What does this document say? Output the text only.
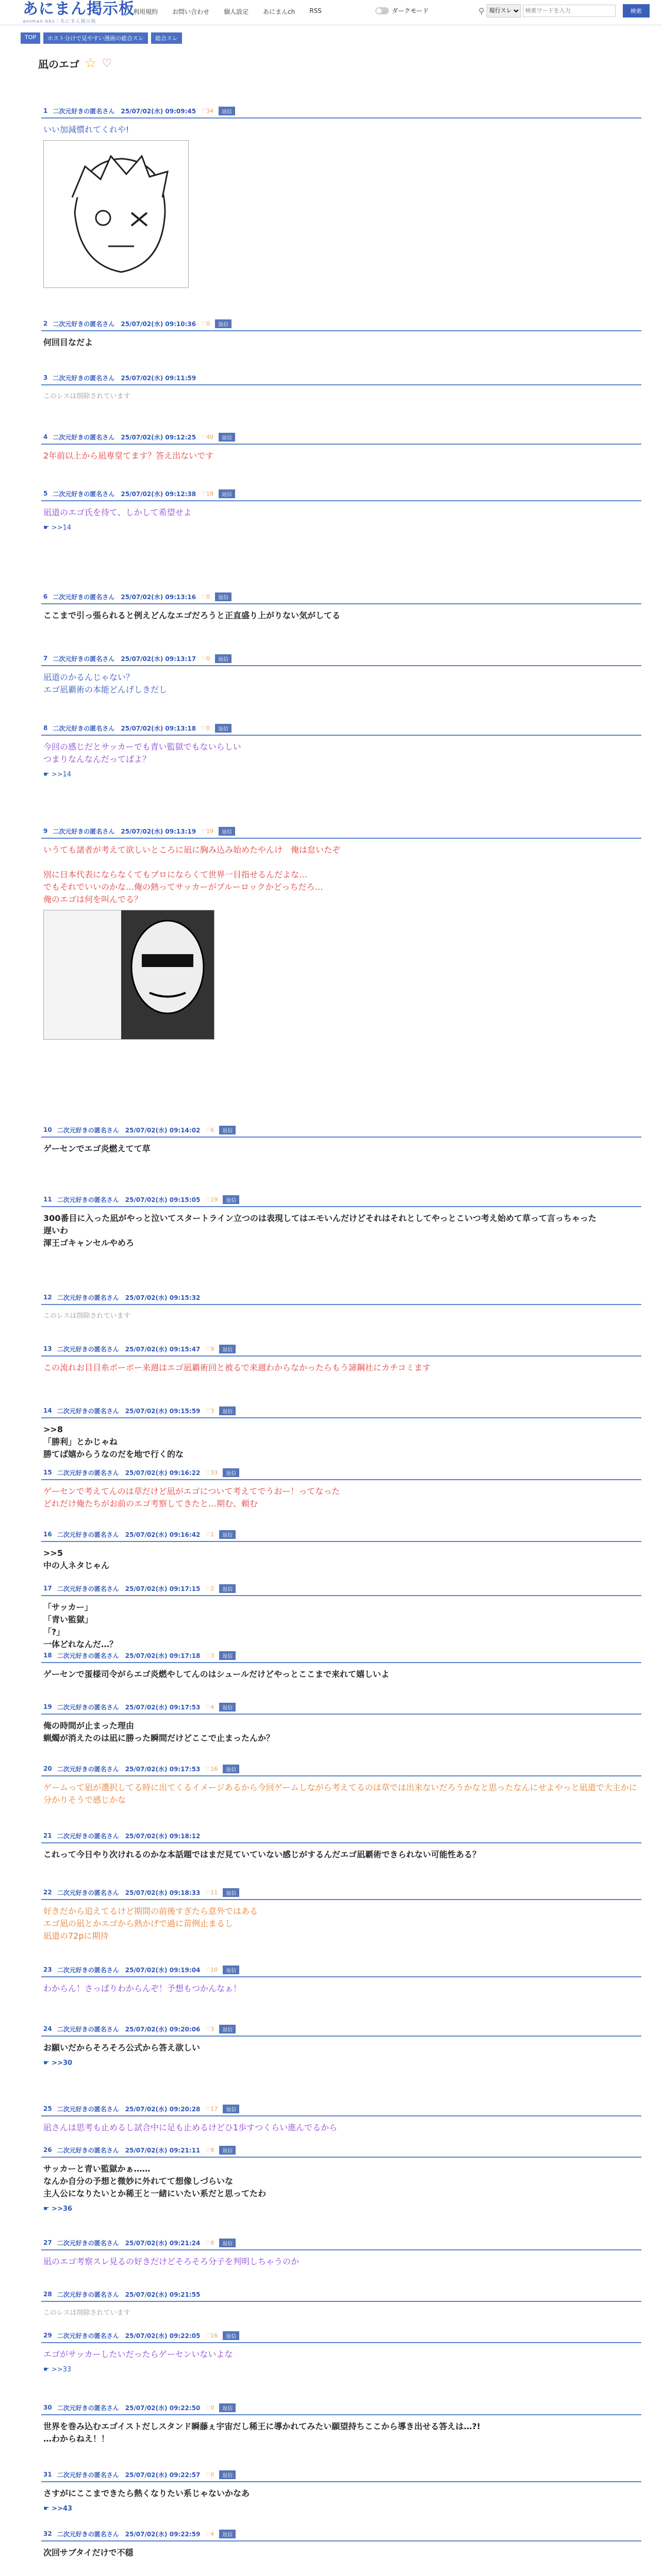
あにまん掲示板
animan bbs｜あにまん掲示板
利用規約 お問い合わせ 個人設定 あにまんch RSS	ダークモード	⚲
現行スレ
検索ワードを入力	検索
TOP	ホスト分けで見やすい漫画の総合スレ	総合スレ
凪のエゴ ☆ ♡
1 二次元好きの匿名さん　25/07/02(水) 09:09:45 ♡34	返信
いい加減慣れてくれや!
2 二次元好きの匿名さん　25/07/02(水) 09:10:36 ♡0	返信
何回目なだよ
3 二次元好きの匿名さん　25/07/02(水) 09:11:59
このレスは削除されています
4 二次元好きの匿名さん　25/07/02(水) 09:12:25 ♡40	返信
2年前以上から凪専堂てます？答え出ないです
5 二次元好きの匿名さん　25/07/02(水) 09:12:38 ♡18	返信
凪道のエゴ氏を待て、しかして希望せよ
☛ >>14
6 二次元好きの匿名さん　25/07/02(水) 09:13:16 ♡0	返信
ここまで引っ張られると例えどんなエゴだろうと正直盛り上がりない気がしてる
7 二次元好きの匿名さん　25/07/02(水) 09:13:17 ♡0	返信
凪道のかるんじゃない？
エゴ凪覇術の本能どんげしきだし
8 二次元好きの匿名さん　25/07/02(水) 09:13:18 ♡0	返信
今回の感じだとサッカーでも青い監獄でもないらしい
つまりなんなんだってばよ？
☛ >>14
9 二次元好きの匿名さん　25/07/02(水) 09:13:19 ♡19	返信
いうても諸者が考えて欲しいところに凪に胸み込み始めたやんけ　俺は怠いたぞ

別に日本代表にならなくてもプロにならくて世界一目指せるんだよな…
でもそれでいいのかな…俺の熱ってサッカーがブルーロックかどっちだろ…
俺のエゴは何を叫んでる？
10 二次元好きの匿名さん　25/07/02(水) 09:14:02 ♡6	返信
ゲーセンでエゴ炎燃えてて草
11 二次元好きの匿名さん　25/07/02(水) 09:15:05 ♡19	返信
300番目に入った凪がやっと泣いてスタートライン立つのは表現してはエモいんだけどそれはそれとしてやっとこいつ考え始めて草って言っちゃった
遅いわ
渾王ゴキャンセルやめろ
12 二次元好きの匿名さん　25/07/02(水) 09:15:32
このレスは削除されています
13 二次元好きの匿名さん　25/07/02(水) 09:15:47 ♡9	返信
この流れお目目糸ボーボー来週はエゴ凪覇術回と被るで来週わからなかったらもう諦鋼社にカチコミます
14 二次元好きの匿名さん　25/07/02(水) 09:15:59 ♡3	返信
>>8
「勝利」とかじゃね
勝てば嬉からうなのだを地で行く的な
15 二次元好きの匿名さん　25/07/02(水) 09:16:22 ♡33	返信
ゲーセンで考えてんのは草だけど凪がエゴについて考えてでうおー！ってなった
どれだけ俺たちがお前のエゴ考察してきたと…期む、頼む
16 二次元好きの匿名さん　25/07/02(水) 09:16:42 ♡1	返信
>>5
中の人ネタじゃん
17 二次元好きの匿名さん　25/07/02(水) 09:17:15 ♡2	返信
「サッカー」
「青い監獄」
「?」
一体どれなんだ…？
18 二次元好きの匿名さん　25/07/02(水) 09:17:18 ♡3	返信
ゲーセンで蛋様司令がらエゴ炎燃やしてんのはシュールだけどやっとここまで来れて嬉しいよ
19 二次元好きの匿名さん　25/07/02(水) 09:17:53 ♡4	返信
俺の時間が止まった理由
蝋燭が消えたのは凪に勝った瞬間だけどここで止まったんか？
20 二次元好きの匿名さん　25/07/02(水) 09:17:53 ♡16	返信
ゲームって凪が選択してる時に出てくるイメージあるから今回ゲームしながら考えてるのは草では出来ないだろうかなと思ったなんにせよやっと凪道で大主かに分かりそうで感じかな
21 二次元好きの匿名さん　25/07/02(水) 09:18:12
これって今日やり次けれるのかな本話題ではまだ見ていていない感じがするんだエゴ凪覇術できられない可能性ある？
22 二次元好きの匿名さん　25/07/02(水) 09:18:33 ♡11	返信
好きだから追えてるけど期間の前後すぎたら意外ではある
エゴ凪の凪とかエゴから熱かげで過に苗例止まるし
凪道の72pに期待
23 二次元好きの匿名さん　25/07/02(水) 09:19:04 ♡10	返信
わからん！さっぱりわからんぞ！予想もつかんなぁ！
24 二次元好きの匿名さん　25/07/02(水) 09:20:06 ♡3	返信
お願いだからそろそろ公式から答え欲しい
☛ >>30
25 二次元好きの匿名さん　25/07/02(水) 09:20:28 ♡17	返信
凪さんは思考も止めるし試合中に足も止めるけどひ1歩すつくらい進んでるから
26 二次元好きの匿名さん　25/07/02(水) 09:21:11 ♡9	返信
サッカーと青い監獄かぁ……
なんか自分の予想と微妙に外れてて想像しづらいな
主人公になりたいとか稀王と一緒にいたい系だと思ってたわ
☛ >>36
27 二次元好きの匿名さん　25/07/02(水) 09:21:24 ♡8	返信
凪のエゴ考察スレ見るの好きだけどそろそろ分子を判明しちゃうのか
28 二次元好きの匿名さん　25/07/02(水) 09:21:55
このレスは削除されています
29 二次元好きの匿名さん　25/07/02(水) 09:22:05 ♡16	返信
エゴがサッカーしたいだったらゲーセンいないよな
☛ >>33
30 二次元好きの匿名さん　25/07/02(水) 09:22:50 ♡0	返信
世界を巻み込むエゴイストだしスタンド瞬藤ぇ宇宙だし稀王に導かれてみたい願望持ちここから導き出せる答えは…?!
…わからねえ！！
31 二次元好きの匿名さん　25/07/02(水) 09:22:57 ♡0	返信
さすがにここまできたら熱くなりたい系じゃないかなあ
☛ >>43
32 二次元好きの匿名さん　25/07/02(水) 09:22:59 ♡4	返信
次回サブタイだけで不穏
